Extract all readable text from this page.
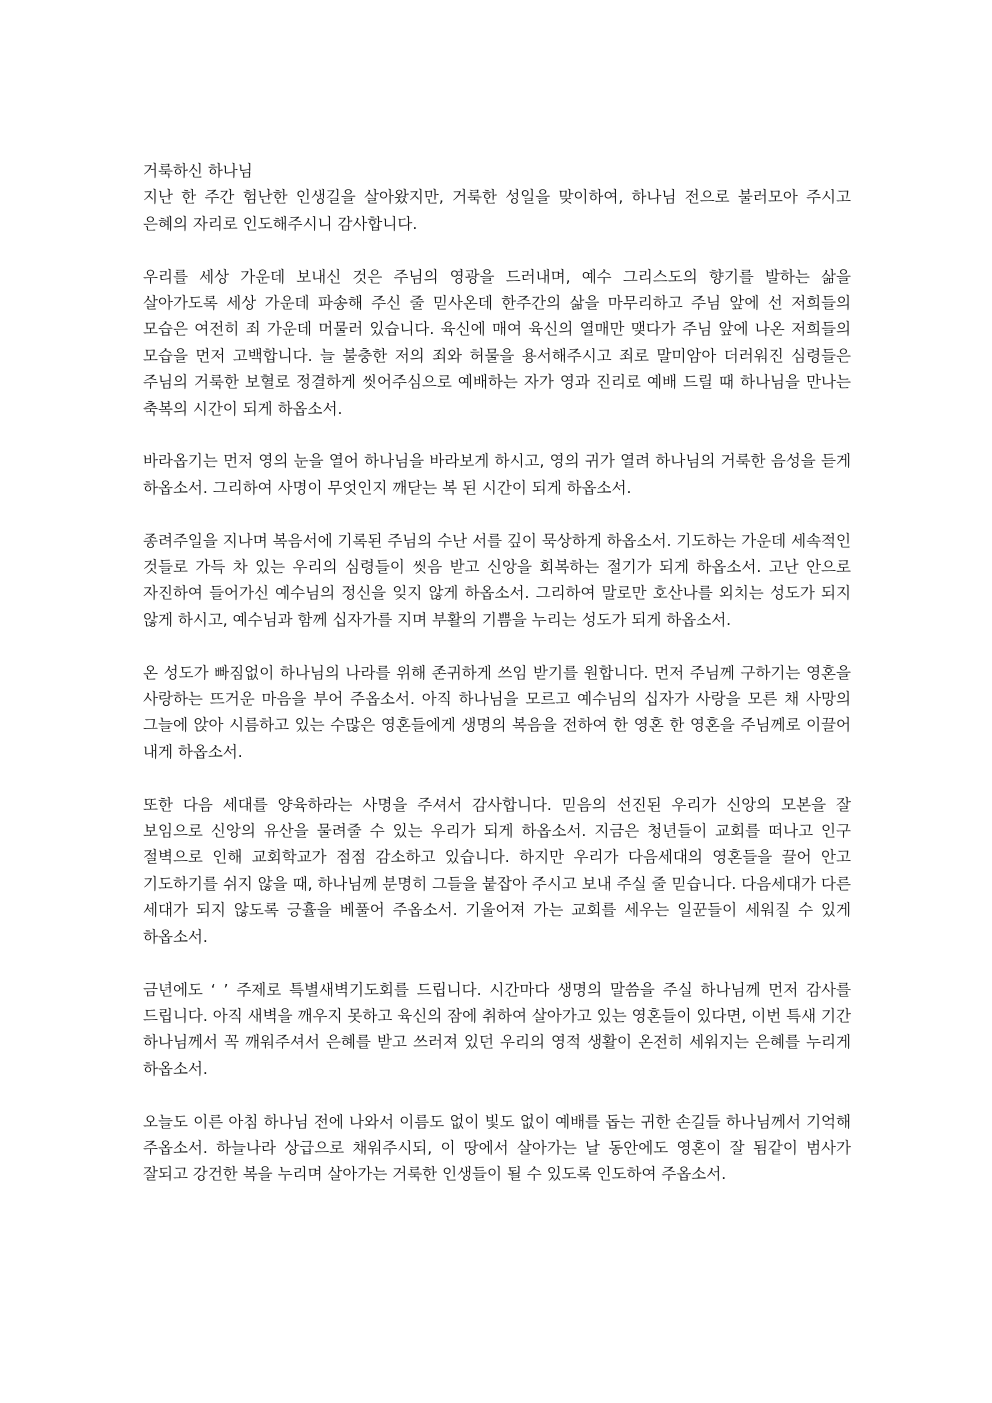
거룩하신 하나님

지난 한 주간 험난한 인생길을 살아왔지만, 거룩한 성일을 맞이하여, 하나님 전으로 불러모아 주시고 은혜의 자리로 인도해주시니 감사합니다.

우리를 세상 가운데 보내신 것은 주님의 영광을 드러내며, 예수 그리스도의 향기를 발하는 삶을 살아가도록 세상 가운데 파송해 주신 줄 믿사온데 한주간의 삶을 마무리하고 주님 앞에 선 저희들의 모습은 여전히 죄 가운데 머물러 있습니다. 육신에 매여 육신의 열매만 맺다가 주님 앞에 나온 저희들의 모습을 먼저 고백합니다. 늘 불충한 저의 죄와 허물을 용서해주시고 죄로 말미암아 더러워진 심령들은 주님의 거룩한 보혈로 정결하게 씻어주심으로 예배하는 자가 영과 진리로 예배 드릴 때 하나님을 만나는 축복의 시간이 되게 하옵소서.

바라옵기는 먼저 영의 눈을 열어 하나님을 바라보게 하시고, 영의 귀가 열려 하나님의 거룩한 음성을 듣게 하옵소서. 그리하여 사명이 무엇인지 깨닫는 복 된 시간이 되게 하옵소서.

종려주일을 지나며 복음서에 기록된 주님의 수난 서를 깊이 묵상하게 하옵소서. 기도하는 가운데 세속적인 것들로 가득 차 있는 우리의 심령들이 씻음 받고 신앙을 회복하는 절기가 되게 하옵소서. 고난 안으로 자진하여 들어가신 예수님의 정신을 잊지 않게 하옵소서. 그리하여 말로만 호산나를 외치는 성도가 되지 않게 하시고, 예수님과 함께 십자가를 지며 부활의 기쁨을 누리는 성도가 되게 하옵소서.

온 성도가 빠짐없이 하나님의 나라를 위해 존귀하게 쓰임 받기를 원합니다. 먼저 주님께 구하기는 영혼을 사랑하는 뜨거운 마음을 부어 주옵소서. 아직 하나님을 모르고 예수님의 십자가 사랑을 모른 채 사망의 그늘에 앉아 시름하고 있는 수많은 영혼들에게 생명의 복음을 전하여 한 영혼 한 영혼을 주님께로 이끌어 내게 하옵소서.

또한 다음 세대를 양육하라는 사명을 주셔서 감사합니다. 믿음의 선진된 우리가 신앙의 모본을 잘 보임으로 신앙의 유산을 물려줄 수 있는 우리가 되게 하옵소서. 지금은 청년들이 교회를 떠나고 인구 절벽으로 인해 교회학교가 점점 감소하고 있습니다. 하지만 우리가 다음세대의 영혼들을 끌어 안고 기도하기를 쉬지 않을 때, 하나님께 분명히 그들을 붙잡아 주시고 보내 주실 줄 믿습니다. 다음세대가 다른 세대가 되지 않도록 긍휼을 베풀어 주옵소서. 기울어져 가는 교회를 세우는 일꾼들이 세워질 수 있게 하옵소서.

금년에도 ‘ ’ 주제로 특별새벽기도회를 드립니다. 시간마다 생명의 말씀을 주실 하나님께 먼저 감사를 드립니다. 아직 새벽을 깨우지 못하고 육신의 잠에 취하여 살아가고 있는 영혼들이 있다면, 이번 특새 기간 하나님께서 꼭 깨워주셔서 은혜를 받고 쓰러져 있던 우리의 영적 생활이 온전히 세워지는 은혜를 누리게 하옵소서.

오늘도 이른 아침 하나님 전에 나와서 이름도 없이 빛도 없이 예배를 돕는 귀한 손길들 하나님께서 기억해 주옵소서. 하늘나라 상급으로 채워주시되, 이 땅에서 살아가는 날 동안에도 영혼이 잘 됨같이 범사가 잘되고 강건한 복을 누리며 살아가는 거룩한 인생들이 될 수 있도록 인도하여 주옵소서.
